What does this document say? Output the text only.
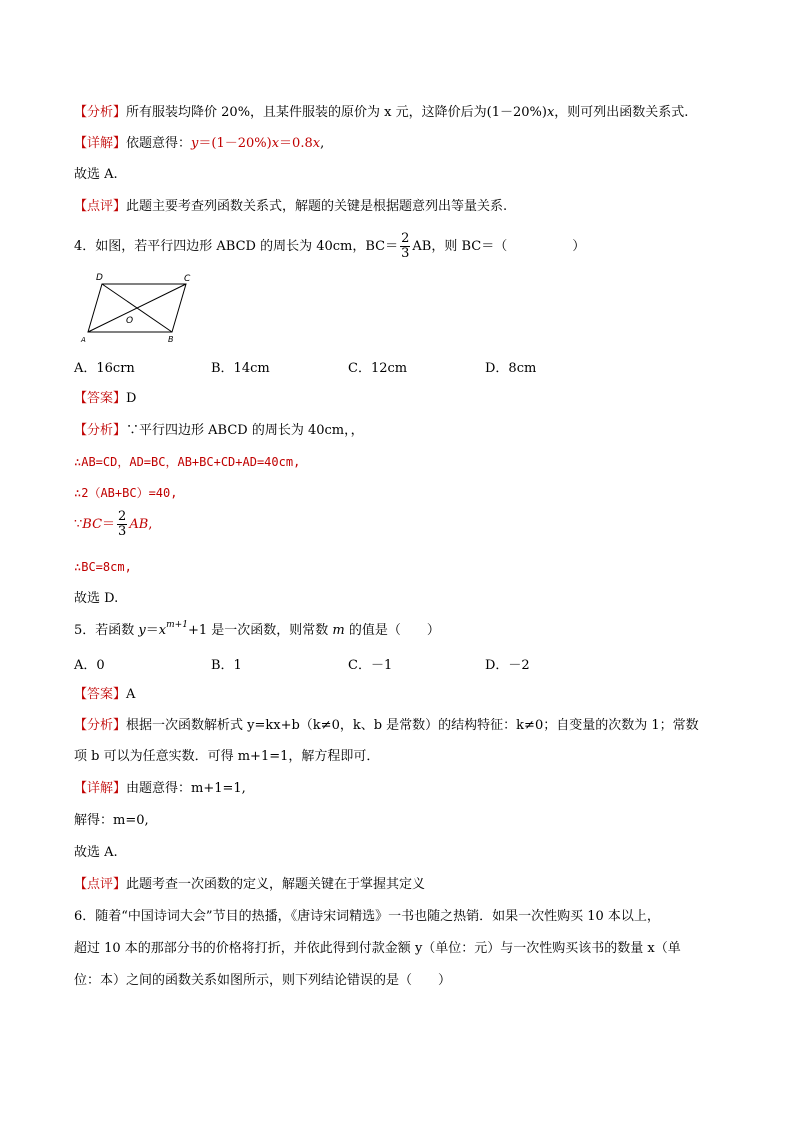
【分析】所有服装均降价 20%，且某件服装的原价为 x 元，这降价后为(1－20%)x，则可列出函数关系式.
【详解】依题意得：y＝(1－20%)x＝0.8x,
故选 A.
【点评】此题主要考查列函数关系式，解题的关键是根据题意列出等量关系.
4．如图，若平行四边形 ABCD 的周长为 40cm，$BC= \frac{2}{3}$ AB，则 BC＝（　　　　　）
D	C
O
A	B
A．16crn	B．14cm	C．12cm	D．8cm
【答案】D
【分析】∵平行四边形 ABCD 的周长为 40cm，，
∴AB=CD，AD=BC，AB+BC+CD+AD=40cm,
∴2（AB+BC）=40,
∵BC＝ $\frac{2}{3}$ AB,
∴BC=8cm,
故选 D.
5．若函数 $y=x^{m+1}+1$ 是一次函数，则常数 m 的值是（　　）
A．0	B．1	C．－1	D．－2
【答案】A
【分析】根据一次函数解析式 y=kx+b（k≠0，k、b 是常数）的结构特征：k≠0；自变量的次数为 1；常数
项 b 可以为任意实数．可得 m+1=1，解方程即可．
【详解】由题意得：m+1=1,
解得：m=0,
故选 A.
【点评】此题考查一次函数的定义，解题关键在于掌握其定义
6．随着“中国诗词大会”节目的热播，《唐诗宋词精选》一书也随之热销．如果一次性购买 10 本以上，
超过 10 本的那部分书的价格将打折，并依此得到付款金额 y（单位：元）与一次性购买该书的数量 x（单
位：本）之间的函数关系如图所示，则下列结论错误的是（　　）
